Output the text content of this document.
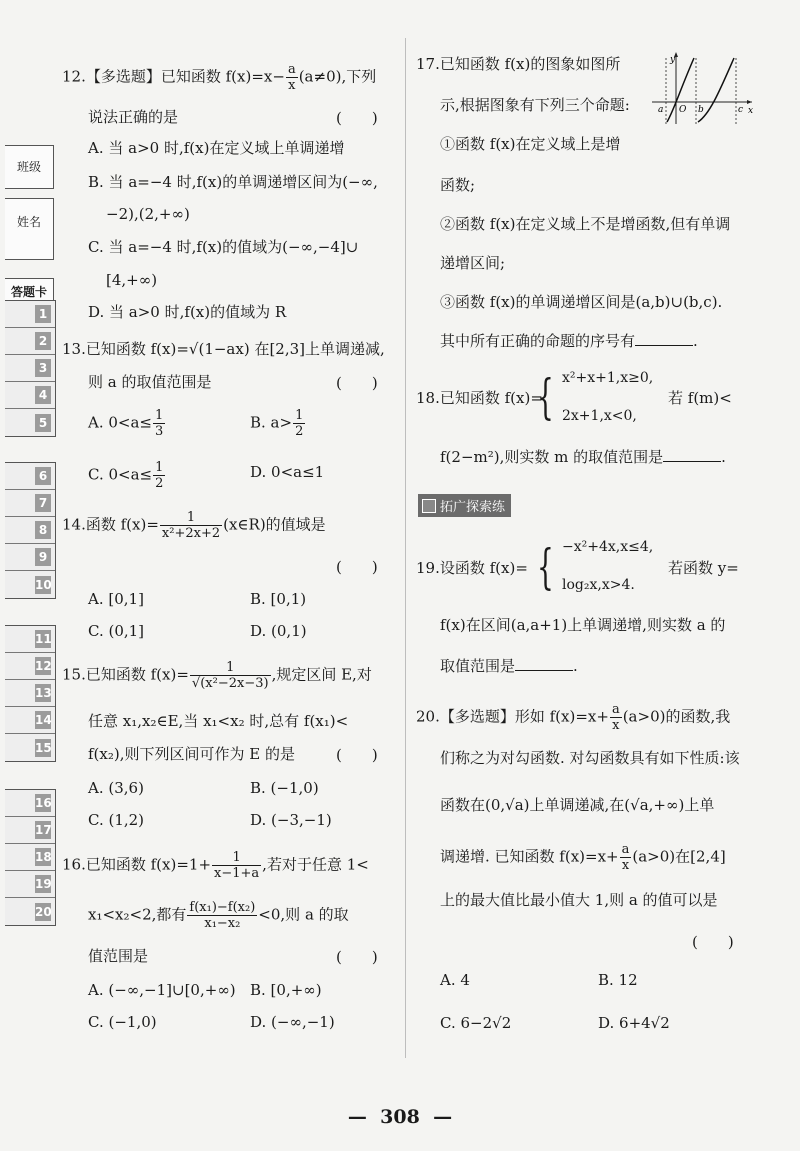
班级
姓名
答题卡
1
2
3
4
5
6
7
8
9
10
11
12
13
14
15
16
17
18
19
20
12.【多选题】已知函数 $f(x)=x- \frac{a}{x} (a\ne 0)$,下列
说法正确的是	(　　)
A. 当 a>0 时,f(x)在定义域上单调递增
B. 当 a=−4 时,f(x)的单调递增区间为(−∞,
−2),(2,+∞)
C. 当 a=−4 时,f(x)的值域为(−∞,−4]∪
[4,+∞)
D. 当 a>0 时,f(x)的值域为 R
13.已知函数 f(x)=√(1−ax) 在[2,3]上单调递减,
则 a 的取值范围是	(　　)
A. $0<a\le \frac{1}{3}$	B. $a> \frac{1}{2}$
C. $0<a\le \frac{1}{2}$	D. 0<a≤1
14.函数 $f(x)= \frac{1}{\text{x²+2x+2}}$ (x∈R)的值域是
(　　)
A. [0,1]	B. [0,1)
C. (0,1]	D. (0,1)
15.已知函数 $f(x)= \frac{1}{\text{√(x²−2x−3)}}$ ,规定区间 E,对
任意 x₁,x₂∈E,当 x₁<x₂ 时,总有 f(x₁)<
f(x₂),则下列区间可作为 E 的是	(　　)
A. (3,6)	B. (−1,0)
C. (1,2)	D. (−3,−1)
16.已知函数 $f(x)=1+ \frac{1}{x-1+a}$ ,若对于任意 1<
x₁<x₂<2,都有 $\frac{\text{f(x₁)−f(x₂)}}{\text{x₁−x₂}} <0$,则 a 的取
值范围是	(　　)
A. (−∞,−1]∪[0,+∞) B. [0,+∞)
C. (−1,0)	D. (−∞,−1)
17.已知函数 f(x)的图象如图所
示,根据图象有下列三个命题:
①函数 f(x)在定义域上是增
函数;
②函数 f(x)在定义域上不是增函数,但有单调
递增区间;
③函数 f(x)的单调递增区间是(a,b)∪(b,c).
其中所有正确的命题的序号有	.
y
x
a O b	c
18.已知函数 f(x)=
{ x²+x+1,x≥0,
2x+1,x<0,
若 f(m)<
f(2−m²),则实数 m 的取值范围是	.
拓广探索练
19.设函数 f(x)= { −x²+4x,x≤4,
log₂x,x>4.
若函数 y=
f(x)在区间(a,a+1)上单调递增,则实数 a 的
取值范围是	.
20.【多选题】形如 $f(x)=x+ \frac{a}{x} (a>0)$的函数,我
们称之为对勾函数. 对勾函数具有如下性质:该
函数在(0,√a)上单调递减,在(√a,+∞)上单
调递增. 已知函数 $f(x)=x+ \frac{a}{x} (a>0)$在[2,4]
上的最大值比最小值大 1,则 a 的值可以是
(　　)
A. 4	B. 12
C. 6−2√2	D. 6+4√2
— 308 —
